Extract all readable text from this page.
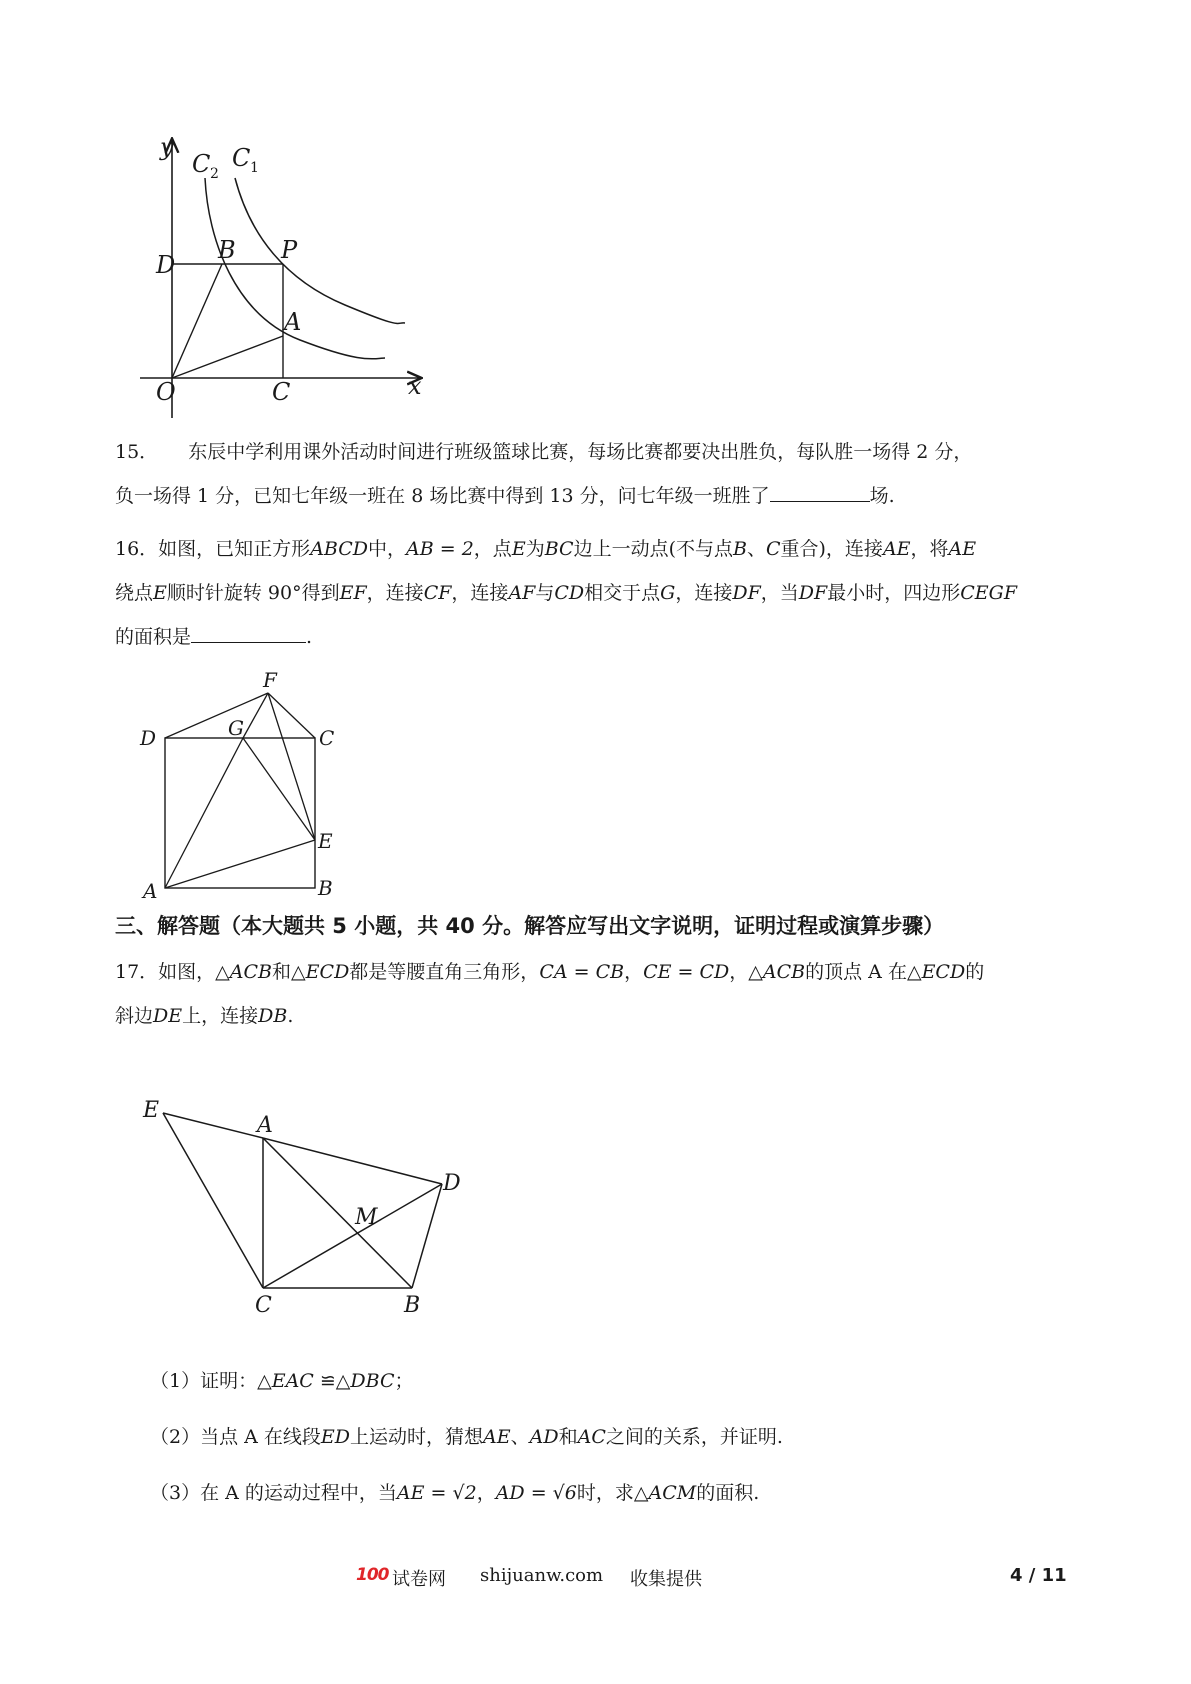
y
C 2
C 1
D
B P
A
O	C	x
15． 东辰中学利用课外活动时间进行班级篮球比赛，每场比赛都要决出胜负，每队胜一场得 2 分，
负一场得 1 分，已知七年级一班在 8 场比赛中得到 13 分，问七年级一班胜了	场.
16．如图，已知正方形ABCD中，AB = 2，点E为BC边上一动点(不与点B、C重合)，连接AE，将AE
绕点E顺时针旋转 90°得到EF，连接CF，连接AF与CD相交于点G，连接DF，当DF最小时，四边形CEGF
的面积是	.
F
D	G	C
E
A	B
三、解答题（本大题共 5 小题，共 40 分。解答应写出文字说明，证明过程或演算步骤）
17．如图，△ACB和△ECD都是等腰直角三角形，CA = CB，CE = CD，△ACB的顶点 A 在△ECD的
斜边DE上，连接DB.
E
A
D
M
C	B
（1）证明：△EAC ≌△DBC；
（2）当点 A 在线段ED上运动时，猜想AE、AD和AC之间的关系，并证明.
（3）在 A 的运动过程中，当AE = √2，AD = √6时，求△ACM的面积.
100 试卷网 shijuanw.com 收集提供	4 / 11
